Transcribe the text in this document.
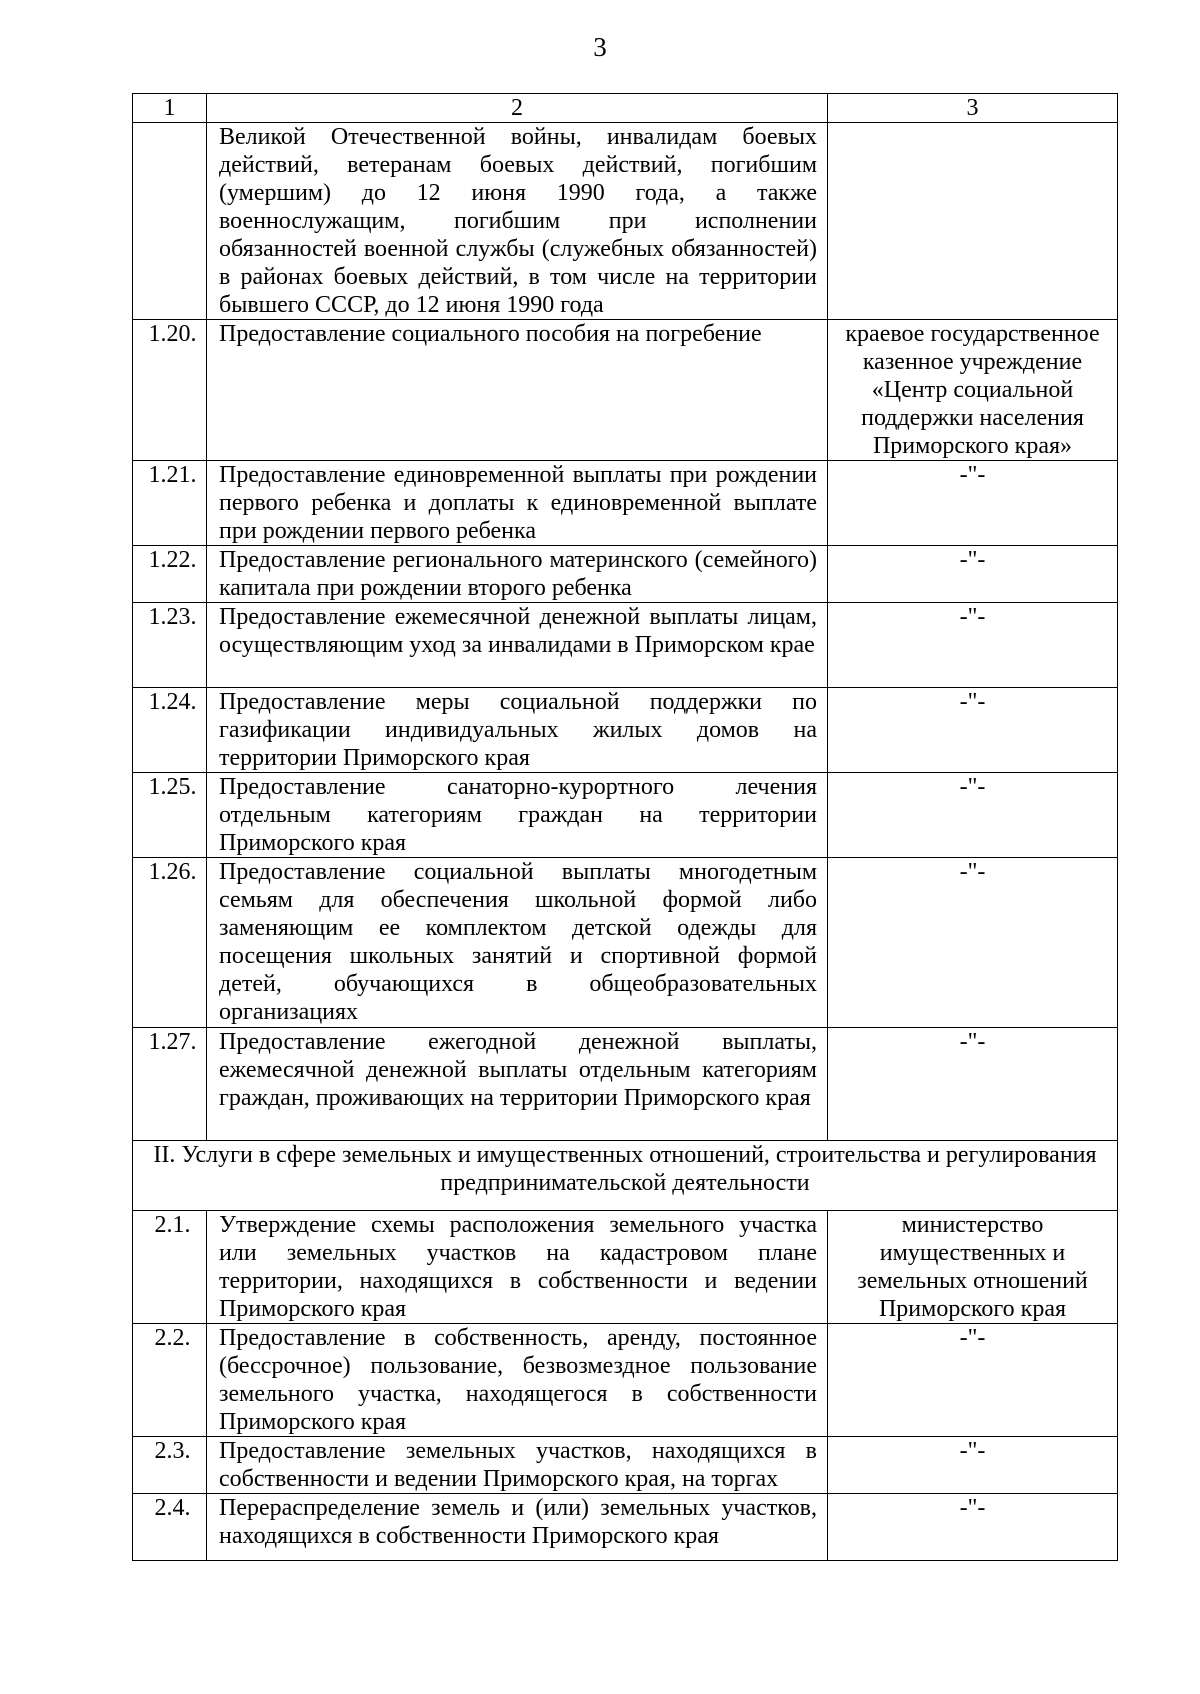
3
1	2	3

	Великой Отечественной войны, инвалидам боевых действий, ветеранам боевых действий, погибшим (умершим) до 12 июня 1990 года, а также военнослужащим, погибшим при исполнении обязанностей военной службы (служебных обязанностей) в районах боевых действий, в том числе на территории бывшего СССР, до 12 июня 1990 года	

1.20.	Предоставление социального пособия на погребение	краевое государственное казенное учреждение «Центр социальной поддержки населения Приморского края»

1.21.	Предоставление единовременной выплаты при рождении первого ребенка и доплаты к единовременной выплате при рождении первого ребенка	-"-

1.22.	Предоставление регионального материнского (семейного) капитала при рождении второго ребенка	-"-

1.23.	Предоставление ежемесячной денежной выплаты лицам, осуществляющим уход за инвалидами в Приморском крае	-"-

1.24.	Предоставление меры социальной поддержки по газификации индивидуальных жилых домов на территории Приморского края	-"-

1.25.	Предоставление санаторно-курортного лечения отдельным категориям граждан на территории Приморского края	-"-

1.26.	Предоставление социальной выплаты многодетным семьям для обеспечения школьной формой либо заменяющим ее комплектом детской одежды для посещения школьных занятий и спортивной формой детей, обучающихся в общеобразовательных организациях	-"-

1.27.	Предоставление ежегодной денежной выплаты, ежемесячной денежной выплаты отдельным категориям граждан, проживающих на территории Приморского края	-"-

II. Услуги в сфере земельных и имущественных отношений, строительства и регулирования предпринимательской деятельности		

2.1.	Утверждение схемы расположения земельного участка или земельных участков на кадастровом плане территории, находящихся в собственности и ведении Приморского края	министерство имущественных и земельных отношений Приморского края

2.2.	Предоставление в собственность, аренду, постоянное (бессрочное) пользование, безвозмездное пользование земельного участка, находящегося в собственности Приморского края	-"-

2.3.	Предоставление земельных участков, находящихся в собственности и ведении Приморского края, на торгах	-"-

2.4.	Перераспределение земель и (или) земельных участков, находящихся в собственности Приморского края	-"-
